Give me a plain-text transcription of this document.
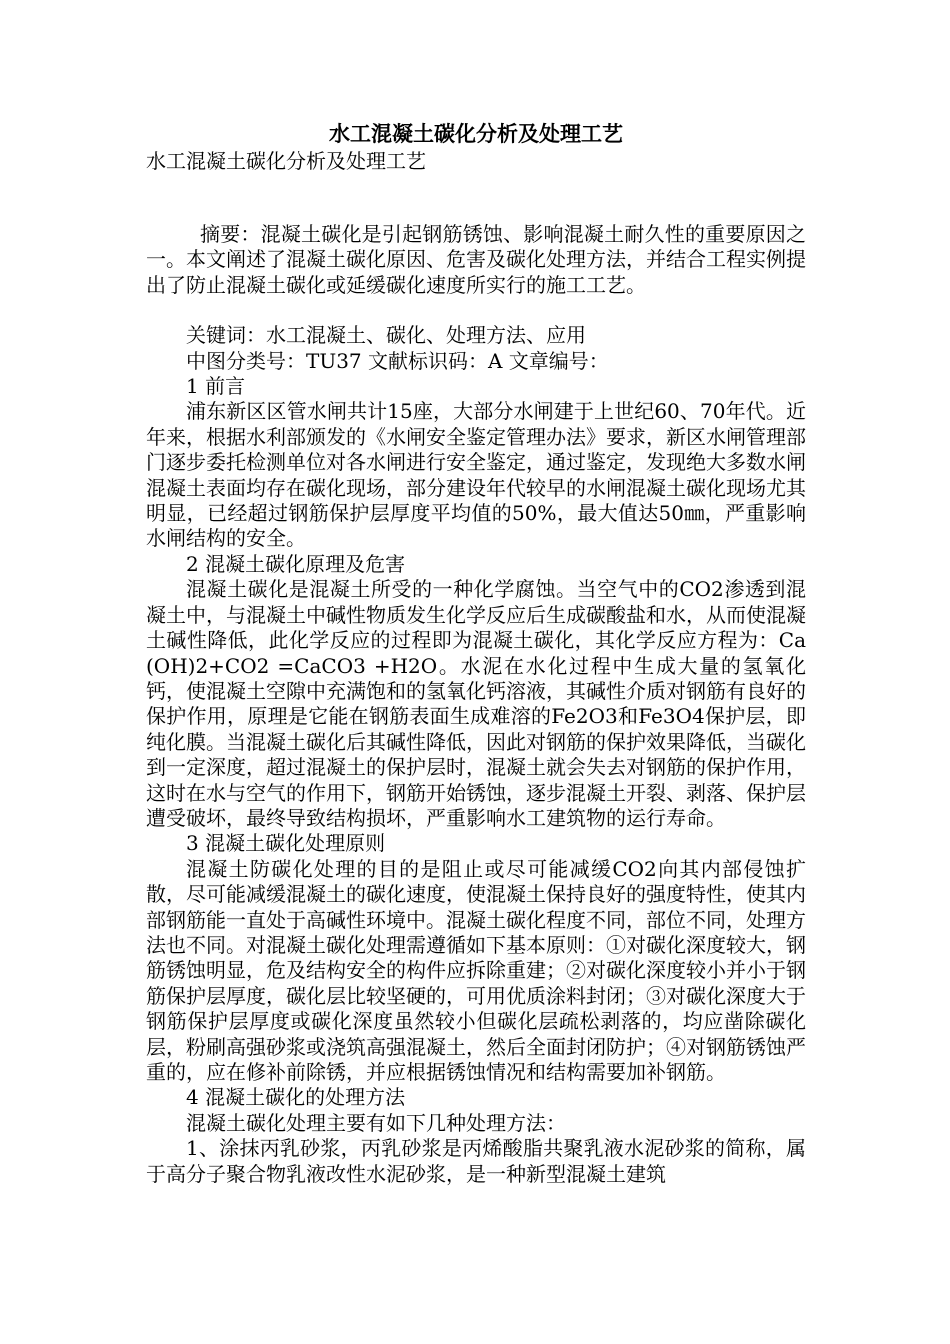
水工混凝土碳化分析及处理工艺
水工混凝土碳化分析及处理工艺

摘要：混凝土碳化是引起钢筋锈蚀、影响混凝土耐久性的重要原因之一。本文阐述了混凝土碳化原因、危害及碳化处理方法，并结合工程实例提出了防止混凝土碳化或延缓碳化速度所实行的施工工艺。

关键词：水工混凝土、碳化、处理方法、应用

中图分类号：TU37 文献标识码：A 文章编号：

1 前言

浦东新区区管水闸共计15座，大部分水闸建于上世纪60、70年代。近年来，根据水利部颁发的《水闸安全鉴定管理办法》要求，新区水闸管理部门逐步委托检测单位对各水闸进行安全鉴定，通过鉴定，发现绝大多数水闸混凝土表面均存在碳化现场，部分建设年代较早的水闸混凝土碳化现场尤其明显，已经超过钢筋保护层厚度平均值的50%，最大值达50㎜，严重影响水闸结构的安全。

2 混凝土碳化原理及危害

混凝土碳化是混凝土所受的一种化学腐蚀。当空气中的CO2渗透到混凝土中，与混凝土中碱性物质发生化学反应后生成碳酸盐和水，从而使混凝土碱性降低，此化学反应的过程即为混凝土碳化，其化学反应方程为：Ca(OH)2+CO2 =CaCO3 +H2O。水泥在水化过程中生成大量的氢氧化钙，使混凝土空隙中充满饱和的氢氧化钙溶液，其碱性介质对钢筋有良好的保护作用，原理是它能在钢筋表面生成难溶的Fe2O3和Fe3O4保护层，即纯化膜。当混凝土碳化后其碱性降低，因此对钢筋的保护效果降低，当碳化到一定深度，超过混凝土的保护层时，混凝土就会失去对钢筋的保护作用，这时在水与空气的作用下，钢筋开始锈蚀，逐步混凝土开裂、剥落、保护层遭受破坏，最终导致结构损坏，严重影响水工建筑物的运行寿命。

3 混凝土碳化处理原则

混凝土防碳化处理的目的是阻止或尽可能减缓CO2向其内部侵蚀扩散，尽可能减缓混凝土的碳化速度，使混凝土保持良好的强度特性，使其内部钢筋能一直处于高碱性环境中。混凝土碳化程度不同，部位不同，处理方法也不同。对混凝土碳化处理需遵循如下基本原则：①对碳化深度较大，钢筋锈蚀明显，危及结构安全的构件应拆除重建；②对碳化深度较小并小于钢筋保护层厚度，碳化层比较坚硬的，可用优质涂料封闭；③对碳化深度大于钢筋保护层厚度或碳化深度虽然较小但碳化层疏松剥落的，均应凿除碳化层，粉刷高强砂浆或浇筑高强混凝土，然后全面封闭防护；④对钢筋锈蚀严重的，应在修补前除锈，并应根据锈蚀情况和结构需要加补钢筋。

4 混凝土碳化的处理方法

混凝土碳化处理主要有如下几种处理方法：

1、涂抹丙乳砂浆，丙乳砂浆是丙烯酸脂共聚乳液水泥砂浆的简称，属于高分子聚合物乳液改性水泥砂浆，是一种新型混凝土建筑
